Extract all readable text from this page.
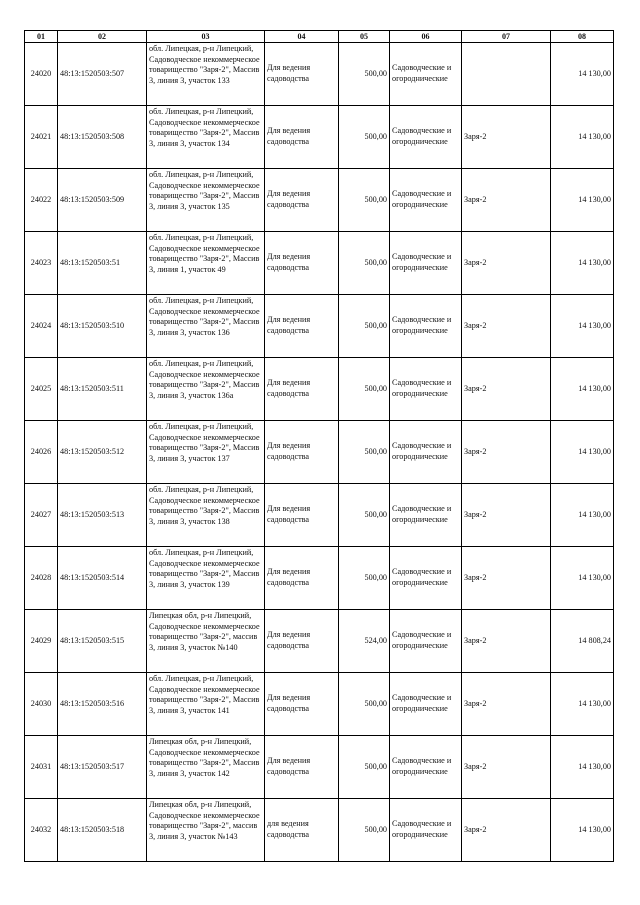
01	02	03	04	05	06	07	08
24020	48:13:1520503:507	обл. Липецкая, р-н Липецкий, Садоводческое некоммерческое товарищество "Заря-2", Массив 3, линия 3, участок 133	Для ведения садоводства	500,00	Садоводческие и огороднические		14 130,00
24021	48:13:1520503:508	обл. Липецкая, р-н Липецкий, Садоводческое некоммерческое товарищество "Заря-2", Массив 3, линия 3, участок 134	Для ведения садоводства	500,00	Садоводческие и огороднические	Заря-2	14 130,00
24022	48:13:1520503:509	обл. Липецкая, р-н Липецкий, Садоводческое некоммерческое товарищество "Заря-2", Массив 3, линия 3, участок 135	Для ведения садоводства	500,00	Садоводческие и огороднические	Заря-2	14 130,00
24023	48:13:1520503:51	обл. Липецкая, р-н Липецкий, Садоводческое некоммерческое товарищество "Заря-2", Массив 3, линия 1, участок 49	Для ведения садоводства	500,00	Садоводческие и огороднические	Заря-2	14 130,00
24024	48:13:1520503:510	обл. Липецкая, р-н Липецкий, Садоводческое некоммерческое товарищество "Заря-2", Массив 3, линия 3, участок 136	Для ведения садоводства	500,00	Садоводческие и огороднические	Заря-2	14 130,00
24025	48:13:1520503:511	обл. Липецкая, р-н Липецкий, Садоводческое некоммерческое товарищество "Заря-2", Массив 3, линия 3, участок 136а	Для ведения садоводства	500,00	Садоводческие и огороднические	Заря-2	14 130,00
24026	48:13:1520503:512	обл. Липецкая, р-н Липецкий, Садоводческое некоммерческое товарищество "Заря-2", Массив 3, линия 3, участок 137	Для ведения садоводства	500,00	Садоводческие и огороднические	Заря-2	14 130,00
24027	48:13:1520503:513	обл. Липецкая, р-н Липецкий, Садоводческое некоммерческое товарищество "Заря-2", Массив 3, линия 3, участок 138	Для ведения садоводства	500,00	Садоводческие и огороднические	Заря-2	14 130,00
24028	48:13:1520503:514	обл. Липецкая, р-н Липецкий, Садоводческое некоммерческое товарищество "Заря-2", Массив 3, линия 3, участок 139	Для ведения садоводства	500,00	Садоводческие и огороднические	Заря-2	14 130,00
24029	48:13:1520503:515	Липецкая обл, р-н Липецкий, Садоводческое некоммерческое товарищество "Заря-2", массив 3, линия 3, участок №140	Для ведения садоводства	524,00	Садоводческие и огороднические	Заря-2	14 808,24
24030	48:13:1520503:516	обл. Липецкая, р-н Липецкий, Садоводческое некоммерческое товарищество "Заря-2", Массив 3, линия 3, участок 141	Для ведения садоводства	500,00	Садоводческие и огороднические	Заря-2	14 130,00
24031	48:13:1520503:517	Липецкая обл, р-н Липецкий, Садоводческое некоммерческое товарищество "Заря-2", Массив 3, линия 3, участок 142	Для ведения садоводства	500,00	Садоводческие и огороднические	Заря-2	14 130,00
24032	48:13:1520503:518	Липецкая обл, р-н Липецкий, Садоводческое некоммерческое товарищество "Заря-2", массив 3, линия 3, участок №143	для ведения садоводства	500,00	Садоводческие и огороднические	Заря-2	14 130,00
